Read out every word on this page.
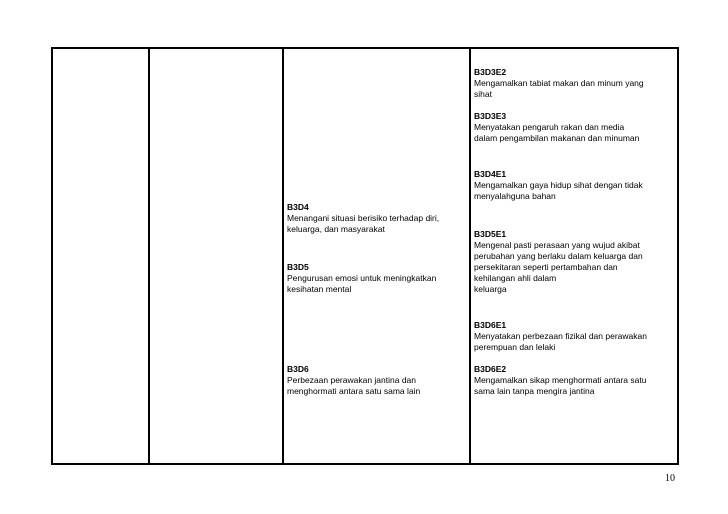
B3D4
Menangani situasi berisiko terhadap diri,
keluarga, dan masyarakat
B3D5
Pengurusan emosi untuk meningkatkan
kesihatan mental
B3D6
Perbezaan perawakan jantina dan
menghormati antara satu sama lain

B3D3E2
Mengamalkan tabiat makan dan minum yang
sihat
B3D3E3
Menyatakan pengaruh rakan dan media
dalam pengambilan makanan dan minuman
B3D4E1
Mengamalkan gaya hidup sihat dengan tidak
menyalahguna bahan
B3D5E1
Mengenal pasti perasaan yang wujud akibat
perubahan yang berlaku dalam keluarga dan
persekitaran seperti pertambahan dan
kehilangan ahli dalam
keluarga
B3D6E1
Menyatakan perbezaan fizikal dan perawakan
perempuan dan lelaki
B3D6E2
Mengamalkan sikap menghormati antara satu
sama lain tanpa mengira jantina
10
